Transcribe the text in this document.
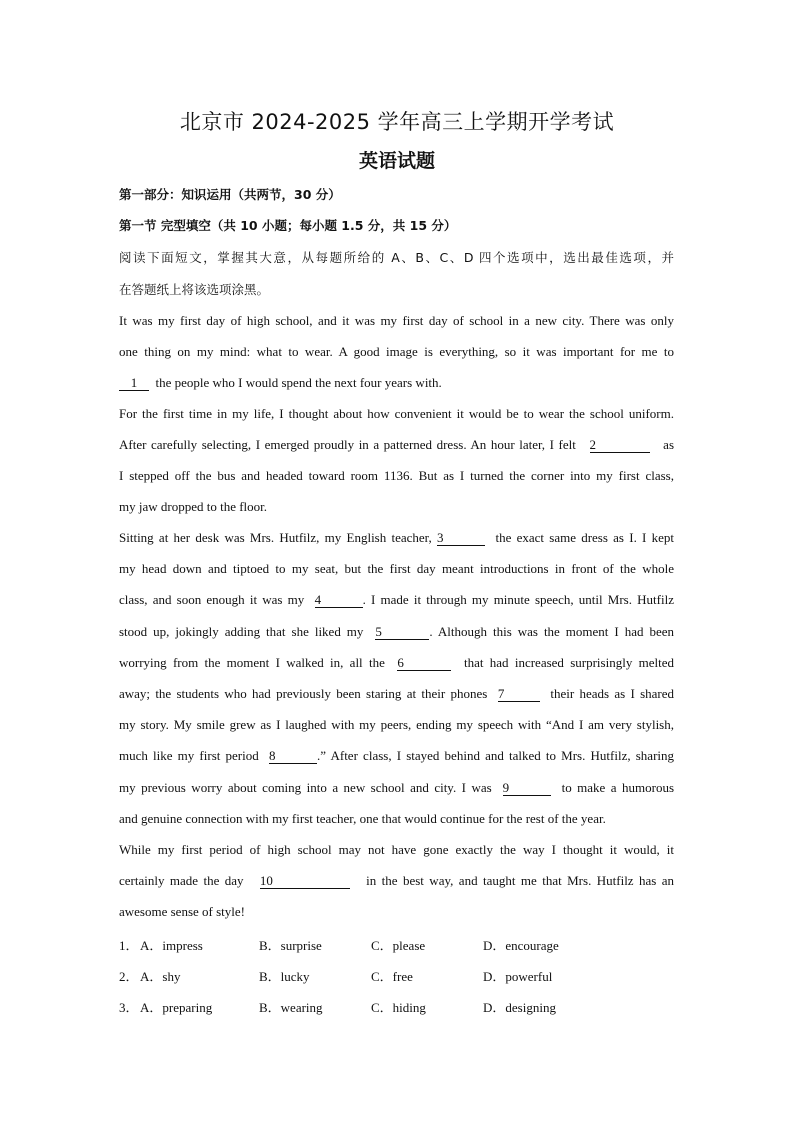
北京市 2024-2025 学年高三上学期开学考试
英语试题
第一部分：知识运用（共两节，30 分）
第一节 完型填空（共 10 小题；每小题 1.5 分，共 15 分）
阅读下面短文，掌握其大意，从每题所给的 A、B、C、D 四个选项中，选出最佳选项，并
在答题纸上将该选项涂黑。
It was my first day of high school, and it was my first day of school in a new city. There was only
one thing on my mind: what to wear. A good image is everything, so it was important for me to
1 the people who I would spend the next four years with.
For the first time in my life, I thought about how convenient it would be to wear the school uniform.
After carefully selecting, I emerged proudly in a patterned dress. An hour later, I felt 2	as
I stepped off the bus and headed toward room 1136. But as I turned the corner into my first class,
my jaw dropped to the floor.
Sitting at her desk was Mrs. Hutfilz, my English teacher, 3	the exact same dress as I. I kept
my head down and tiptoed to my seat, but the first day meant introductions in front of the whole
class, and soon enough it was my 4	. I made it through my minute speech, until Mrs. Hutfilz
stood up, jokingly adding that she liked my 5	. Although this was the moment I had been
worrying from the moment I walked in, all the 6	that had increased surprisingly melted
away; the students who had previously been staring at their phones 7	their heads as I shared
my story. My smile grew as I laughed with my peers, ending my speech with “And I am very stylish,
much like my first period 8	.” After class, I stayed behind and talked to Mrs. Hutfilz, sharing
my previous worry about coming into a new school and city. I was 9	to make a humorous
and genuine connection with my first teacher, one that would continue for the rest of the year.
While my first period of high school may not have gone exactly the way I thought it would, it
certainly made the day 10	in the best way, and taught me that Mrs. Hutfilz has an
awesome sense of style!
1． A．impress	B．surprise	C．please	D．encourage
2． A．shy	B．lucky	C．free	D．powerful
3． A．preparing	B．wearing	C．hiding	D．designing
